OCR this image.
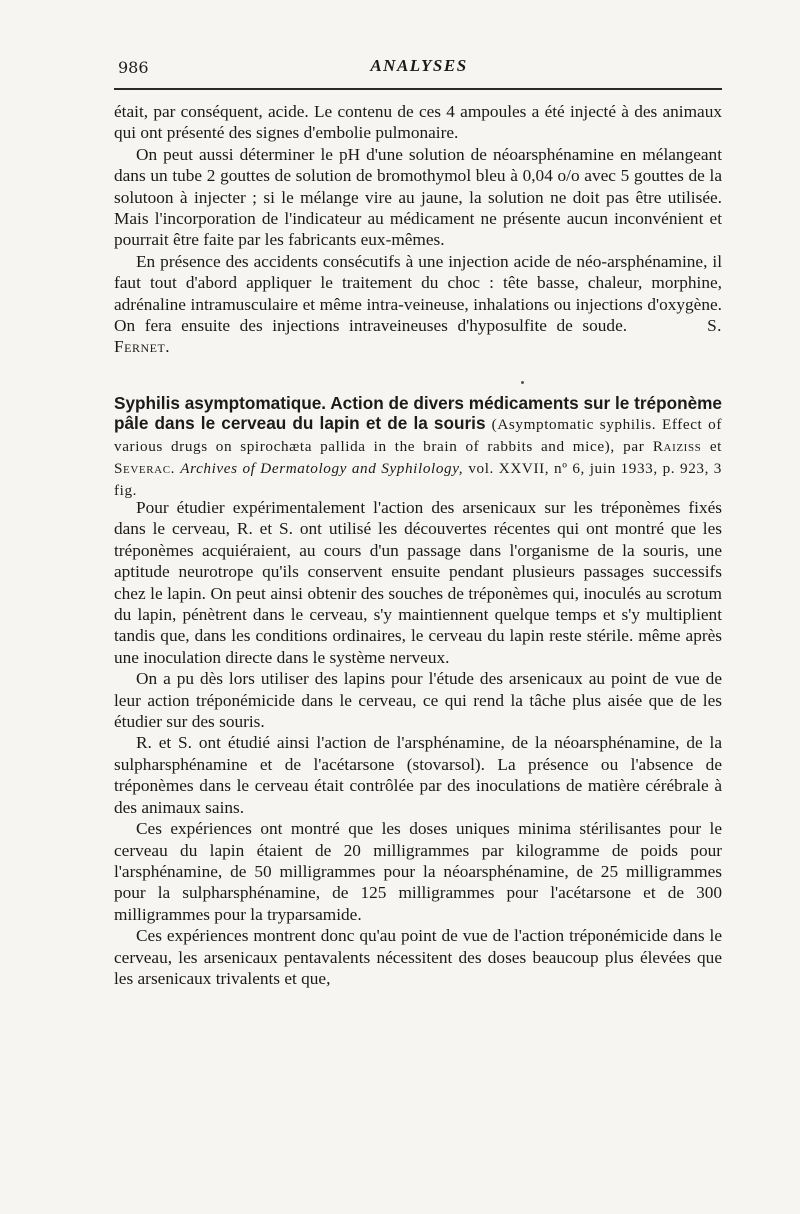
986	ANALYSES

était, par conséquent, acide. Le contenu de ces 4 ampoules a été injecté à des animaux qui ont présenté des signes d'embolie pulmonaire.

On peut aussi déterminer le pH d'une solution de néoarsphénamine en mélangeant dans un tube 2 gouttes de solution de bromothymol bleu à 0,04 o/o avec 5 gouttes de la solutoon à injecter ; si le mélange vire au jaune, la solution ne doit pas être utilisée. Mais l'incorporation de l'indicateur au médicament ne présente aucun inconvénient et pourrait être faite par les fabricants eux-mêmes.

En présence des accidents consécutifs à une injection acide de néo-arsphénamine, il faut tout d'abord appliquer le traitement du choc : tête basse, chaleur, morphine, adrénaline intramusculaire et même intra-veineuse, inhalations ou injections d'oxygène. On fera ensuite des injections intraveineuses d'hyposulfite de soude.	S. Fernet.

Syphilis asymptomatique. Action de divers médicaments sur le tréponème pâle dans le cerveau du lapin et de la souris (Asymptomatic syphilis. Effect of various drugs on spirochæta pallida in the brain of rabbits and mice), par Raiziss et Severac. Archives of Dermatology and Syphilology, vol. XXVII, nº 6, juin 1933, p. 923, 3 fig.

Pour étudier expérimentalement l'action des arsenicaux sur les tréponèmes fixés dans le cerveau, R. et S. ont utilisé les découvertes récentes qui ont montré que les tréponèmes acquiéraient, au cours d'un passage dans l'organisme de la souris, une aptitude neurotrope qu'ils conservent ensuite pendant plusieurs passages successifs chez le lapin. On peut ainsi obtenir des souches de tréponèmes qui, inoculés au scrotum du lapin, pénètrent dans le cerveau, s'y maintiennent quelque temps et s'y multiplient tandis que, dans les conditions ordinaires, le cerveau du lapin reste stérile. même après une inoculation directe dans le système nerveux.

On a pu dès lors utiliser des lapins pour l'étude des arsenicaux au point de vue de leur action tréponémicide dans le cerveau, ce qui rend la tâche plus aisée que de les étudier sur des souris.

R. et S. ont étudié ainsi l'action de l'arsphénamine, de la néoarsphénamine, de la sulpharsphénamine et de l'acétarsone (stovarsol). La présence ou l'absence de tréponèmes dans le cerveau était contrôlée par des inoculations de matière cérébrale à des animaux sains.

Ces expériences ont montré que les doses uniques minima stérilisantes pour le cerveau du lapin étaient de 20 milligrammes par kilogramme de poids pour l'arsphénamine, de 50 milligrammes pour la néoarsphénamine, de 25 milligrammes pour la sulpharsphénamine, de 125 milligrammes pour l'acétarsone et de 300 milligrammes pour la tryparsamide.

Ces expériences montrent donc qu'au point de vue de l'action tréponémicide dans le cerveau, les arsenicaux pentavalents nécessitent des doses beaucoup plus élevées que les arsenicaux trivalents et que,
